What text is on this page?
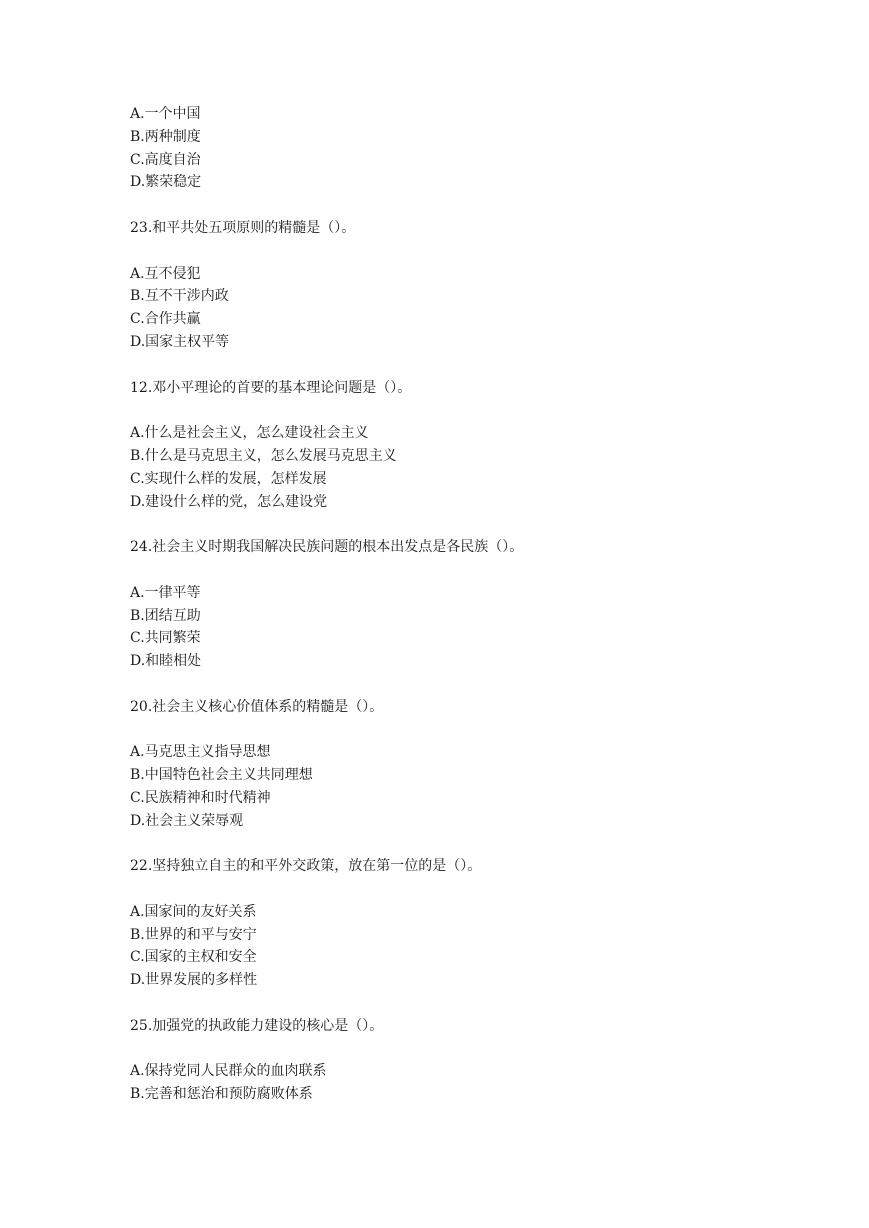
A.一个中国
B.两种制度
C.高度自治
D.繁荣稳定
23.和平共处五项原则的精髓是（）。
A.互不侵犯
B.互不干涉内政
C.合作共赢
D.国家主权平等
12.邓小平理论的首要的基本理论问题是（）。
A.什么是社会主义，怎么建设社会主义
B.什么是马克思主义，怎么发展马克思主义
C.实现什么样的发展，怎样发展
D.建设什么样的党，怎么建设党
24.社会主义时期我国解决民族问题的根本出发点是各民族（）。
A.一律平等
B.团结互助
C.共同繁荣
D.和睦相处
20.社会主义核心价值体系的精髓是（）。
A.马克思主义指导思想
B.中国特色社会主义共同理想
C.民族精神和时代精神
D.社会主义荣辱观
22.坚持独立自主的和平外交政策，放在第一位的是（）。
A.国家间的友好关系
B.世界的和平与安宁
C.国家的主权和安全
D.世界发展的多样性
25.加强党的执政能力建设的核心是（）。
A.保持党同人民群众的血肉联系
B.完善和惩治和预防腐败体系
